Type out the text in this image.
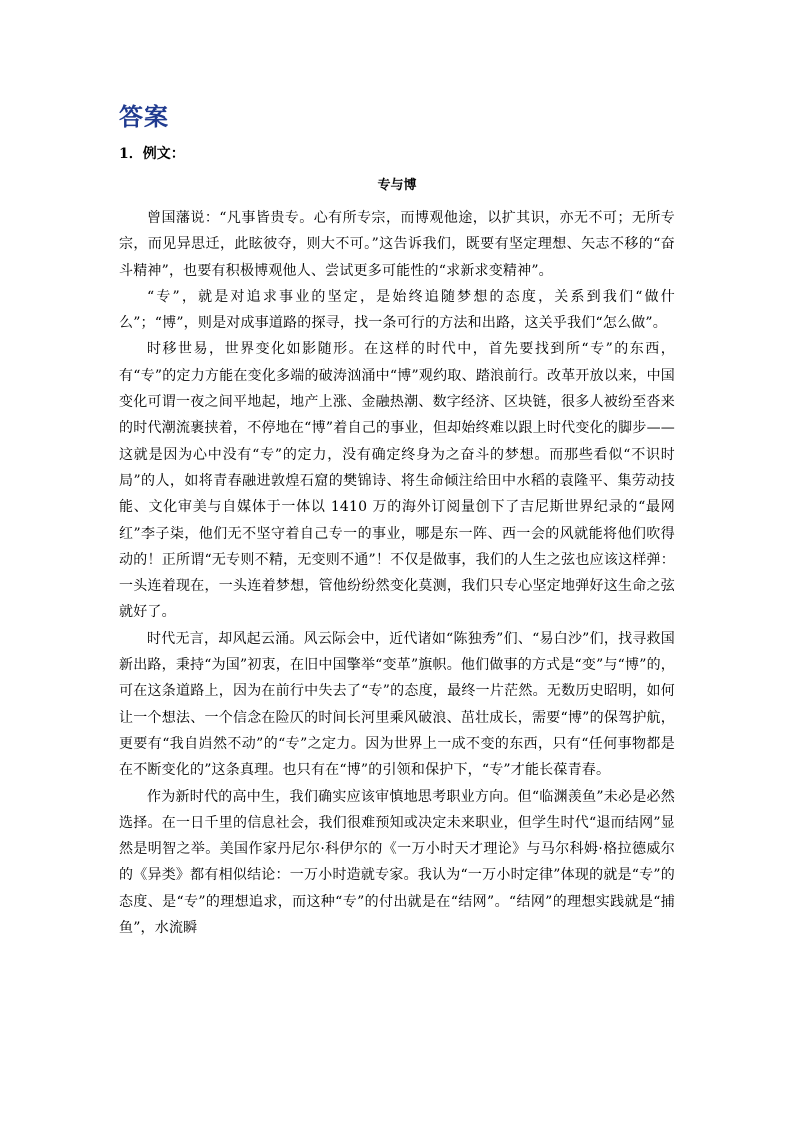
答案
1．例文：
专与博

曾国藩说：“凡事皆贵专。心有所专宗，而博观他途，以扩其识，亦无不可；无所专宗，而见异思迁，此眩彼夺，则大不可。”这告诉我们，既要有坚定理想、矢志不移的“奋斗精神”，也要有积极博观他人、尝试更多可能性的“求新求变精神”。

“专”，就是对追求事业的坚定，是始终追随梦想的态度，关系到我们“做什么”；“博”，则是对成事道路的探寻，找一条可行的方法和出路，这关乎我们“怎么做”。

时移世易，世界变化如影随形。在这样的时代中，首先要找到所“专”的东西，有“专”的定力方能在变化多端的破涛汹涌中“博”观约取、踏浪前行。改革开放以来，中国变化可谓一夜之间平地起，地产上涨、金融热潮、数字经济、区块链，很多人被纷至沓来的时代潮流裹挟着，不停地在“博”着自己的事业，但却始终难以跟上时代变化的脚步——这就是因为心中没有“专”的定力，没有确定终身为之奋斗的梦想。而那些看似“不识时局”的人，如将青春融进敦煌石窟的樊锦诗、将生命倾注给田中水稻的袁隆平、集劳动技能、文化审美与自媒体于一体以 1410 万的海外订阅量创下了吉尼斯世界纪录的“最网红”李子柒，他们无不坚守着自己专一的事业，哪是东一阵、西一会的风就能将他们吹得动的！正所谓“无专则不精，无变则不通”！不仅是做事，我们的人生之弦也应该这样弹：一头连着现在，一头连着梦想，管他纷纷然变化莫测，我们只专心坚定地弹好这生命之弦就好了。

时代无言，却风起云涌。风云际会中，近代诸如“陈独秀”们、“易白沙”们，找寻救国新出路，秉持“为国”初衷，在旧中国擎举“变革”旗帜。他们做事的方式是“变”与“博”的，可在这条道路上，因为在前行中失去了“专”的态度，最终一片茫然。无数历史昭明，如何让一个想法、一个信念在险仄的时间长河里乘风破浪、茁壮成长，需要“博”的保驾护航，更要有“我自岿然不动”的“专”之定力。因为世界上一成不变的东西，只有“任何事物都是在不断变化的”这条真理。也只有在“博”的引领和保护下，“专”才能长葆青春。

作为新时代的高中生，我们确实应该审慎地思考职业方向。但“临渊羡鱼”未必是必然选择。在一日千里的信息社会，我们很难预知或决定未来职业，但学生时代“退而结网”显然是明智之举。美国作家丹尼尔·科伊尔的《一万小时天才理论》与马尔科姆·格拉德威尔的《异类》都有相似结论：一万小时造就专家。我认为“一万小时定律”体现的就是“专”的态度、是“专”的理想追求，而这种“专”的付出就是在“结网”。“结网”的理想实践就是“捕鱼”，水流瞬
